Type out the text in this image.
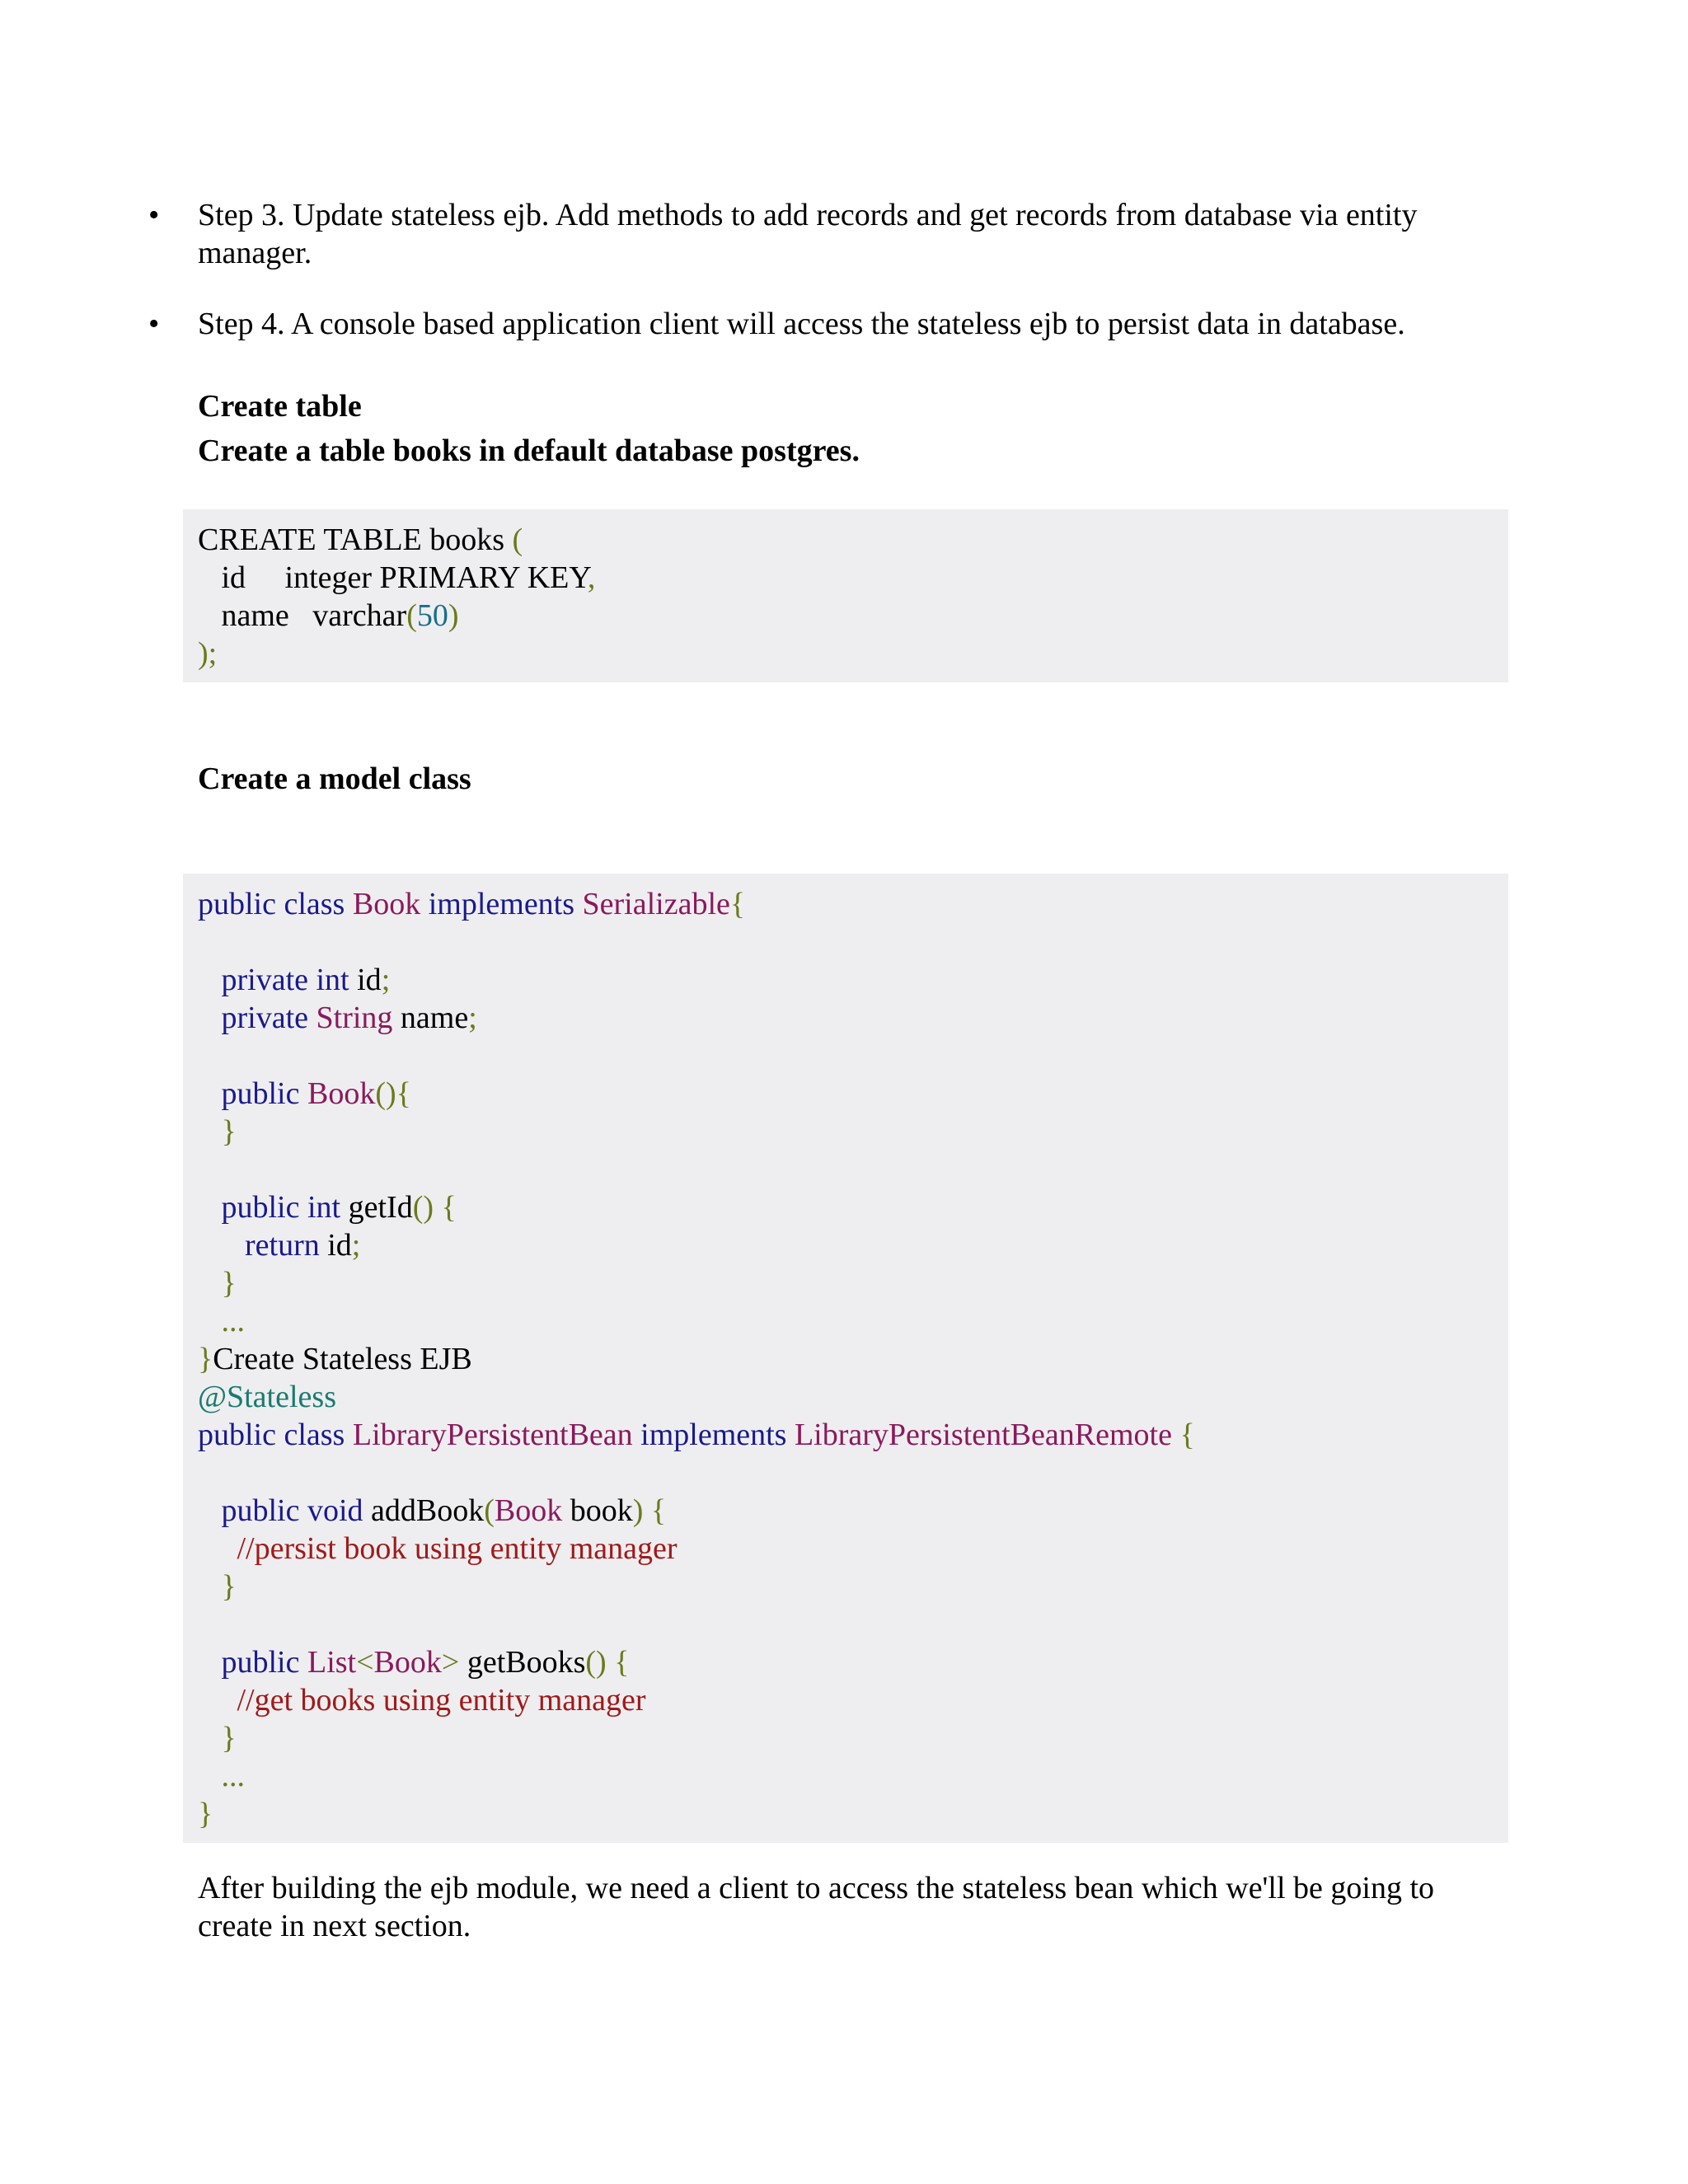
• Step 3. Update stateless ejb. Add methods to add records and get records from database via entity manager.
• Step 4. A console based application client will access the stateless ejb to persist data in database.
Create table
Create a table books in default database postgres.
CREATE TABLE books (
id     integer PRIMARY KEY,
name   varchar(50)
);
Create a model class
public class Book implements Serializable{
private int id;
private String name;
public Book(){
}
public int getId() {
return id;
}
...
}Create Stateless EJB
@Stateless
public class LibraryPersistentBean implements LibraryPersistentBeanRemote {
public void addBook(Book book) {
//persist book using entity manager
}
public List<Book> getBooks() {
//get books using entity manager
}
...
}
After building the ejb module, we need a client to access the stateless bean which we'll be going to create in next section.
